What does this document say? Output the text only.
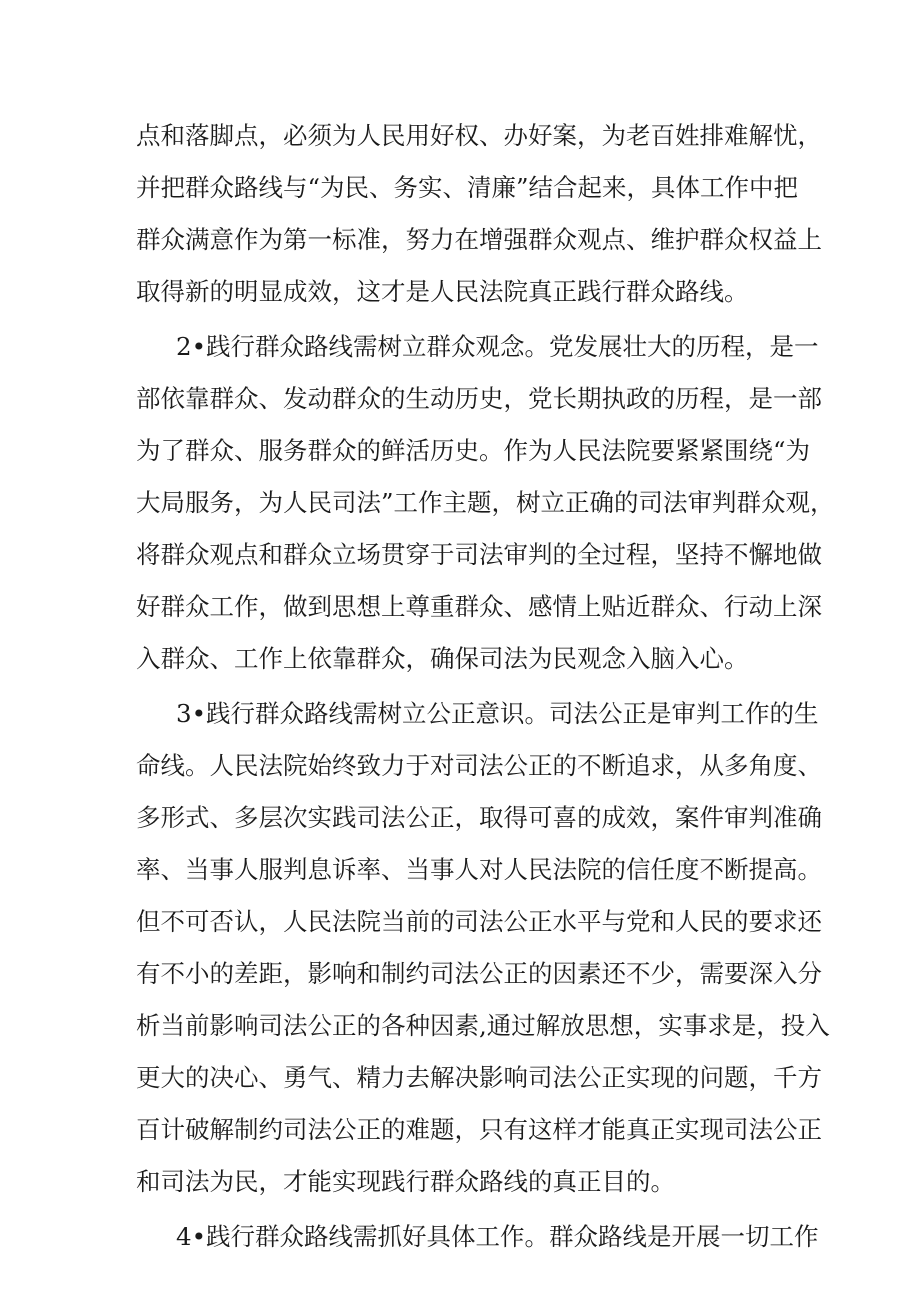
点和落脚点，必须为人民用好权、办好案，为老百姓排难解忧，
并把群众路线与“为民、务实、清廉”结合起来，具体工作中把
群众满意作为第一标准，努力在增强群众观点、维护群众权益上
取得新的明显成效，这才是人民法院真正践行群众路线。
2•践行群众路线需树立群众观念。党发展壮大的历程，是一
部依靠群众、发动群众的生动历史，党长期执政的历程，是一部
为了群众、服务群众的鲜活历史。作为人民法院要紧紧围绕“为
大局服务，为人民司法”工作主题，树立正确的司法审判群众观，
将群众观点和群众立场贯穿于司法审判的全过程，坚持不懈地做
好群众工作，做到思想上尊重群众、感情上贴近群众、行动上深
入群众、工作上依靠群众，确保司法为民观念入脑入心。
3•践行群众路线需树立公正意识。司法公正是审判工作的生
命线。人民法院始终致力于对司法公正的不断追求，从多角度、
多形式、多层次实践司法公正，取得可喜的成效，案件审判准确
率、当事人服判息诉率、当事人对人民法院的信任度不断提高。
但不可否认，人民法院当前的司法公正水平与党和人民的要求还
有不小的差距，影响和制约司法公正的因素还不少，需要深入分
析当前影响司法公正的各种因素,通过解放思想，实事求是，投入
更大的决心、勇气、精力去解决影响司法公正实现的问题，千方
百计破解制约司法公正的难题，只有这样才能真正实现司法公正
和司法为民，才能实现践行群众路线的真正目的。
4•践行群众路线需抓好具体工作。群众路线是开展一切工作
